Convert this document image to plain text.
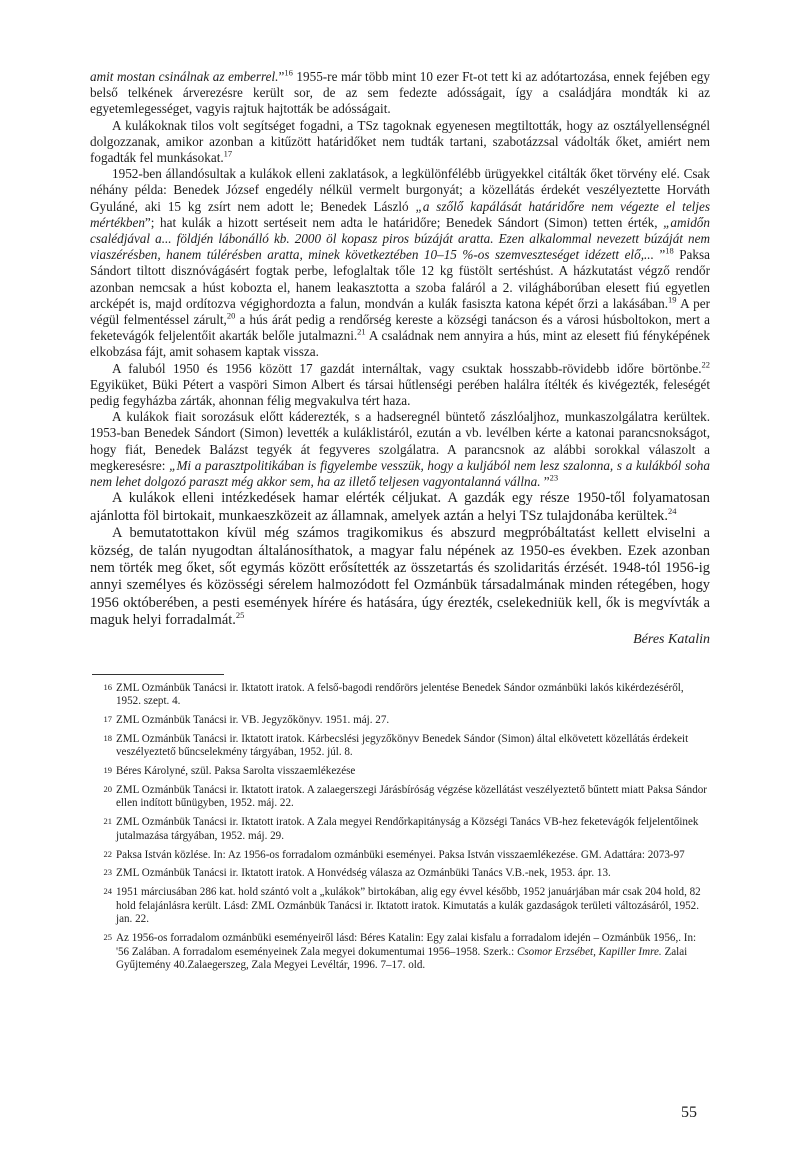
amit mostan csinálnak az emberrel.”$^{16}$ 1955-re már több mint 10 ezer Ft-ot tett ki az adótartozása, ennek fejében egy belső telkének árverezésre került sor, de az sem fedezte adósságait, így a családjára mondták ki az egyetemlegességet, vagyis rajtuk hajtották be adósságait.

A kulákoknak tilos volt segítséget fogadni, a TSz tagoknak egyenesen megtiltották, hogy az osztályellenségnél dolgozzanak, amikor azonban a kitűzött határidőket nem tudták tartani, szabotázzsal vádolták őket, amiért nem fogadták fel munkásokat.$^{17}$

1952-ben állandósultak a kulákok elleni zaklatások, a legkülönfélébb ürügyekkel citálták őket törvény elé. Csak néhány példa: Benedek József engedély nélkül vermelt burgonyát; a közellátás érdekét veszélyeztette Horváth Gyuláné, aki 15 kg zsírt nem adott le; Benedek László „a szőlő kapálását határidőre nem végezte el teljes mértékben”; hat kulák a hizott sertéseit nem adta le határidőre; Benedek Sándort (Simon) tetten érték, „amidőn csalédjával a... földjén lábonálló kb. 2000 öl kopasz piros búzáját aratta. Ezen alkalommal nevezett búzáját nem viaszérésben, hanem túlérésben aratta, minek következtében 10–15 %-os szemveszteséget idézett elő,... ”$^{18}$ Paksa Sándort tiltott disznóvágásért fogtak perbe, lefoglaltak tőle 12 kg füstölt sertéshúst. A házkutatást végző rendőr azonban nemcsak a húst kobozta el, hanem leakasztotta a szoba faláról a 2. világháborúban elesett fiú egyetlen arcképét is, majd ordítozva végighordozta a falun, mondván a kulák fasiszta katona képét őrzi a lakásában.$^{19}$ A per végül felmentéssel zárult,$^{20}$ a hús árát pedig a rendőrség kereste a községi tanácson és a városi húsboltokon, mert a feketevágók feljelentőit akarták belőle jutalmazni.$^{21}$ A családnak nem annyira a hús, mint az elesett fiú fényképének elkobzása fájt, amit sohasem kaptak vissza.

A faluból 1950 és 1956 között 17 gazdát internáltak, vagy csuktak hosszabb-rövidebb időre börtönbe.$^{22}$ Egyiküket, Büki Pétert a vaspöri Simon Albert és társai hűtlenségi perében halálra ítélték és kivégezték, feleségét pedig fegyházba zárták, ahonnan félig megvakulva tért haza.

A kulákok fiait sorozásuk előtt káderezték, s a hadseregnél büntető zászlóaljhoz, munkaszolgálatra kerültek. 1953-ban Benedek Sándort (Simon) levették a kuláklistáról, ezután a vb. levélben kérte a katonai parancsnokságot, hogy fiát, Benedek Balázst tegyék át fegyveres szolgálatra. A parancsnok az alábbi sorokkal válaszolt a megkeresésre: „Mi a parasztpolitikában is figyelembe vesszük, hogy a kuljából nem lesz szalonna, s a kulákból soha nem lehet dolgozó paraszt még akkor sem, ha az illető teljesen vagyontalanná vállna. ”$^{23}$

A kulákok elleni intézkedések hamar elérték céljukat. A gazdák egy része 1950-től folyamatosan ajánlotta föl birtokait, munkaeszközeit az államnak, amelyek aztán a helyi TSz tulajdonába kerültek.$^{24}$

A bemutatottakon kívül még számos tragikomikus és abszurd megpróbáltatást kellett elviselni a község, de talán nyugodtan általánosíthatok, a magyar falu népének az 1950-es években. Ezek azonban nem törték meg őket, sőt egymás között erősítették az összetartás és szolidaritás érzését. 1948-tól 1956-ig annyi személyes és közösségi sérelem halmozódott fel Ozmánbük társadalmának minden rétegében, hogy 1956 októberében, a pesti események hírére és hatására, úgy érezték, cselekedniük kell, ők is megvívták a maguk helyi forradalmát.$^{25}$

Béres Katalin
16 ZML Ozmánbük Tanácsi ir. Iktatott iratok. A felső-bagodi rendőrörs jelentése Benedek Sándor ozmánbüki lakós kikérdezéséről, 1952. szept. 4.
17 ZML Ozmánbük Tanácsi ir. VB. Jegyzőkönyv. 1951. máj. 27.
18 ZML Ozmánbük Tanácsi ir. Iktatott iratok. Kárbecslési jegyzőkönyv Benedek Sándor (Simon) által elkövetett közellátás érdekeit veszélyeztető bűncselekmény tárgyában, 1952. júl. 8.
19 Béres Károlyné, szül. Paksa Sarolta visszaemlékezése
20 ZML Ozmánbük Tanácsi ir. Iktatott iratok. A zalaegerszegi Járásbíróság végzése közellátást veszélyeztető bűntett miatt Paksa Sándor ellen indított bűnügyben, 1952. máj. 22.
21 ZML Ozmánbük Tanácsi ir. Iktatott iratok. A Zala megyei Rendőrkapitányság a Községi Tanács VB-hez feketevágók feljelentőinek jutalmazása tárgyában, 1952. máj. 29.
22 Paksa István közlése. In: Az 1956-os forradalom ozmánbüki eseményei. Paksa István visszaemlékezése. GM. Adattára: 2073-97
23 ZML Ozmánbük Tanácsi ir. Iktatott iratok. A Honvédség válasza az Ozmánbüki Tanács V.B.-nek, 1953. ápr. 13.
24 1951 márciusában 286 kat. hold szántó volt a „kulákok” birtokában, alig egy évvel később, 1952 januárjában már csak 204 hold, 82 hold felajánlásra került. Lásd: ZML Ozmánbük Tanácsi ir. Iktatott iratok. Kimutatás a kulák gazdaságok területi változásáról, 1952. jan. 22.
25 Az 1956-os forradalom ozmánbüki eseményeiről lásd: Béres Katalin: Egy zalai kisfalu a forradalom idején – Ozmánbük 1956,. In: '56 Zalában. A forradalom eseményeinek Zala megyei dokumentumai 1956–1958. Szerk.: Csomor Erzsébet, Kapiller Imre. Zalai Gyűjtemény 40.Zalaegerszeg, Zala Megyei Levéltár, 1996. 7–17. old.
55
